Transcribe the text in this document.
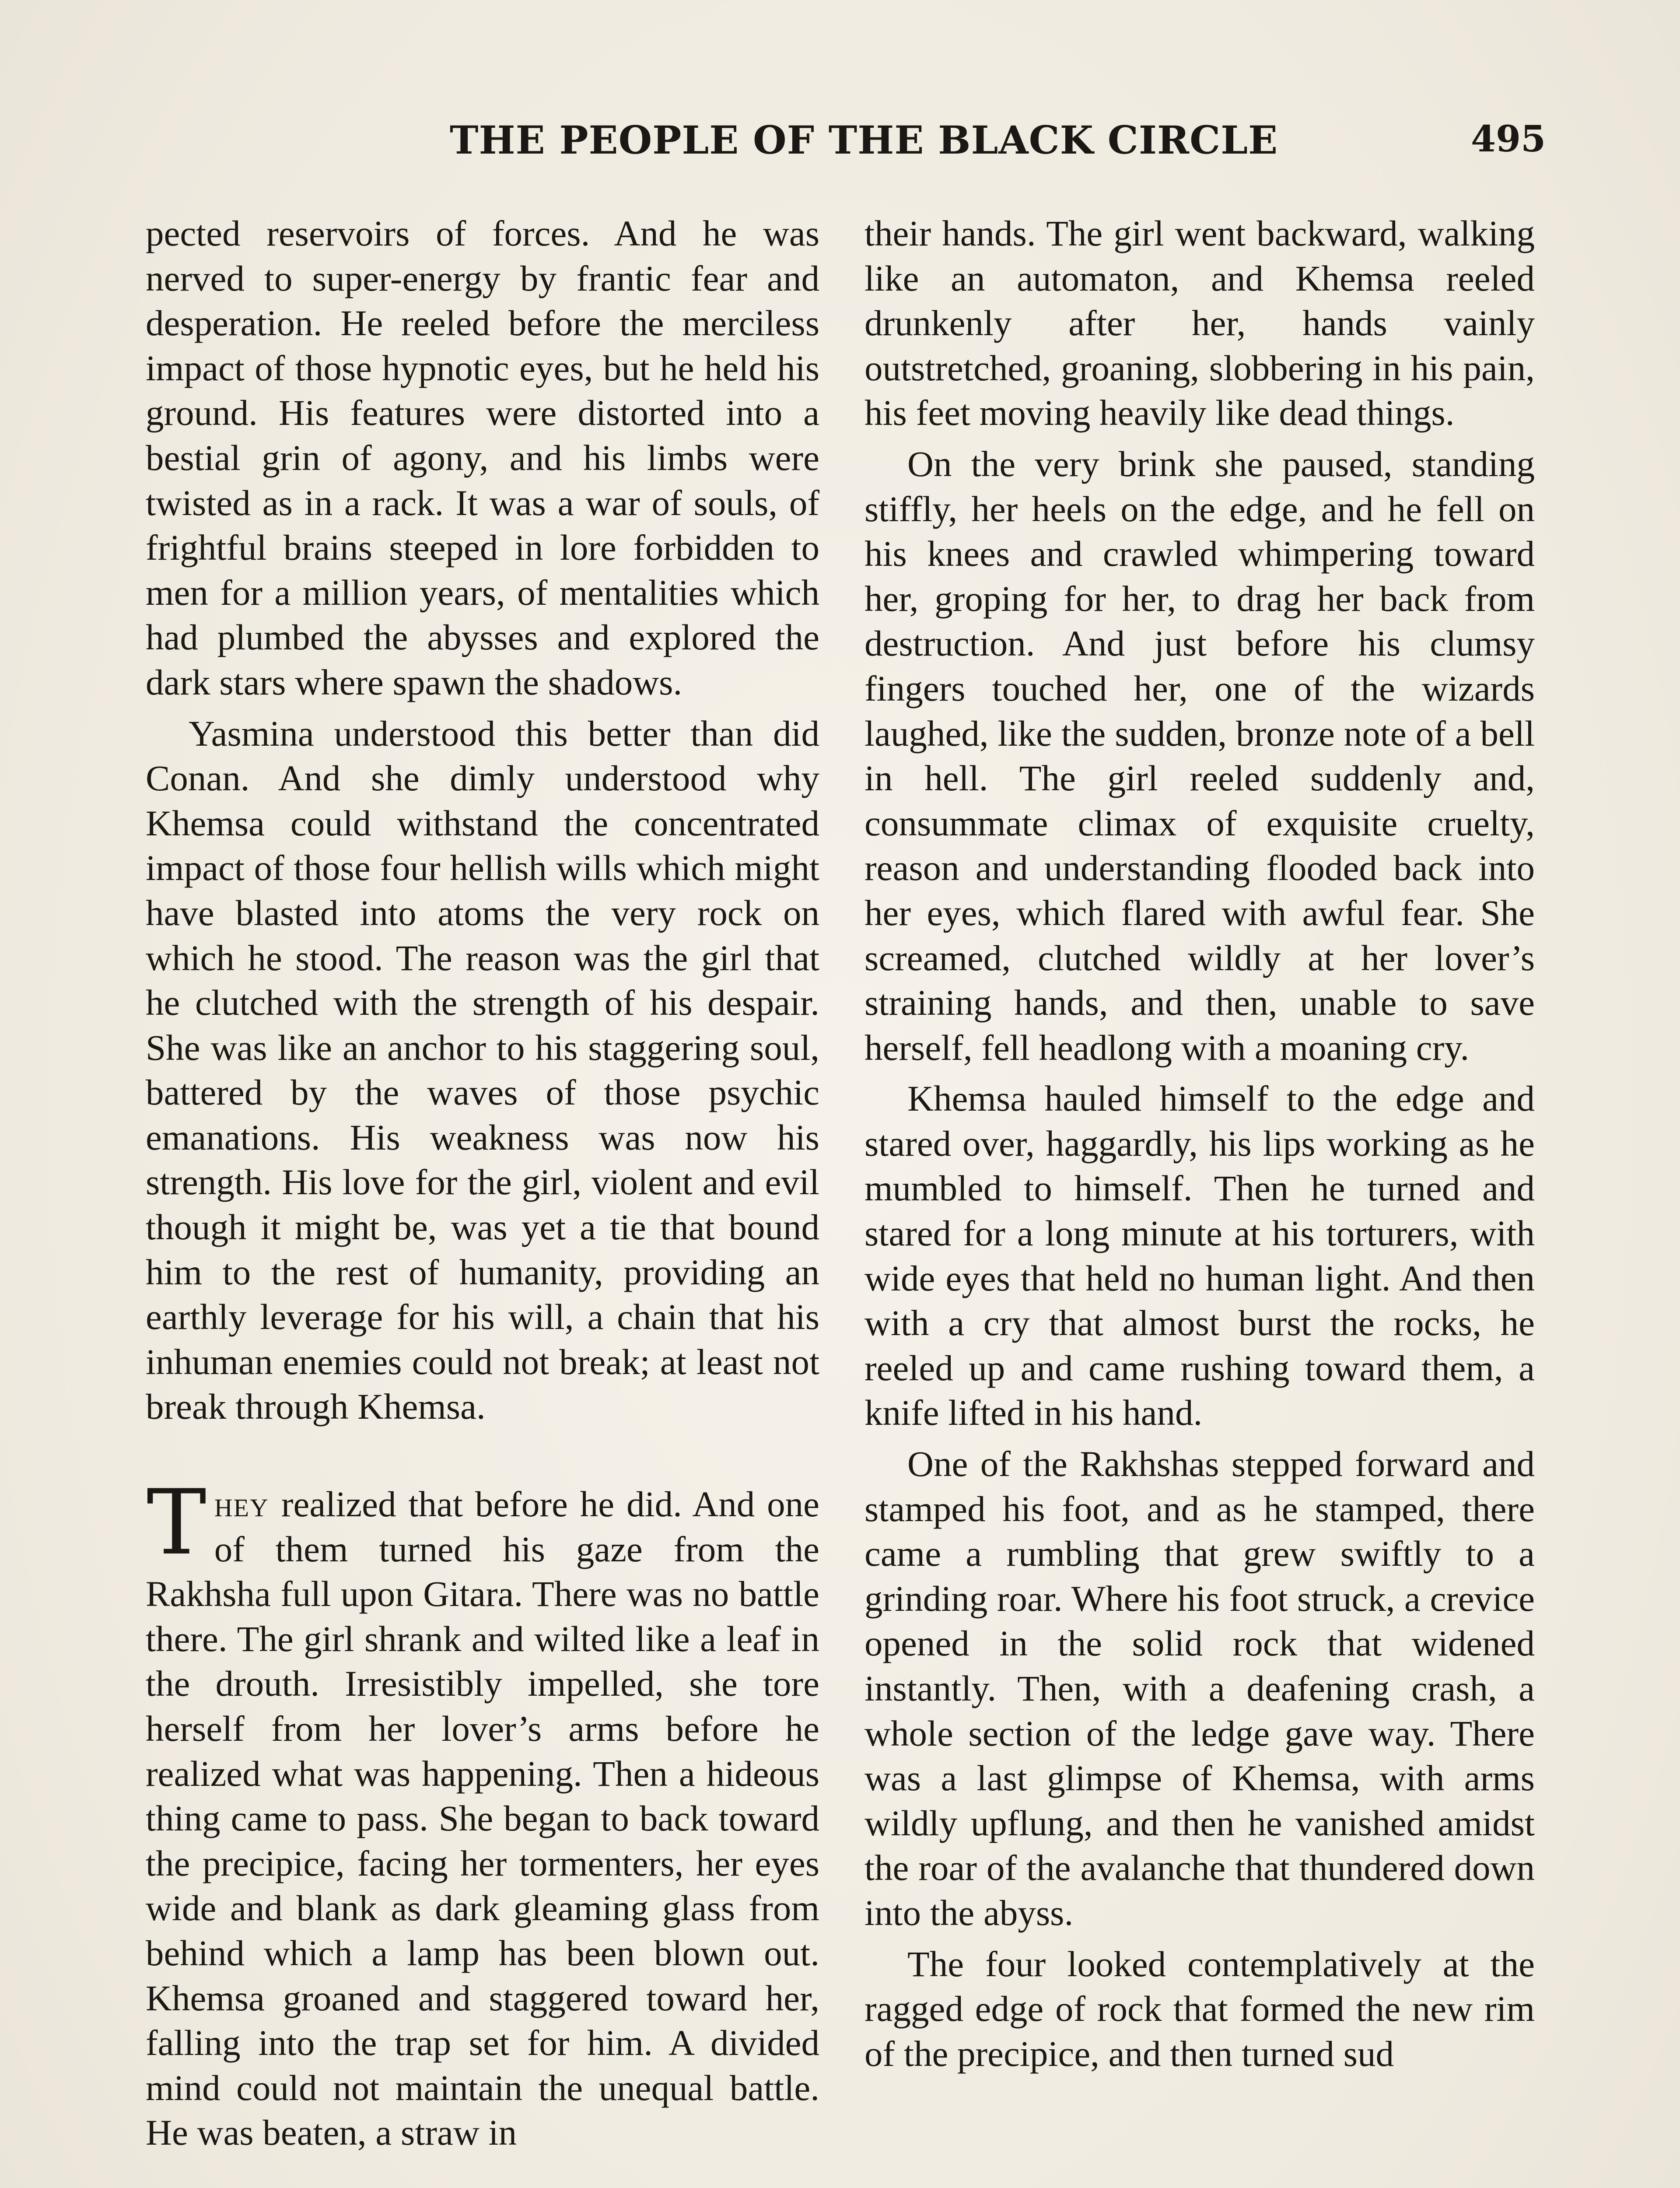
THE PEOPLE OF THE BLACK CIRCLE	495

pected reservoirs of forces. And he was nerved to super-energy by frantic fear and desperation. He reeled before the merciless impact of those hypnotic eyes, but he held his ground. His features were distorted into a bestial grin of agony, and his limbs were twisted as in a rack. It was a war of souls, of frightful brains steeped in lore forbidden to men for a million years, of mentalities which had plumbed the abysses and explored the dark stars where spawn the shadows.

Yasmina understood this better than did Conan. And she dimly understood why Khemsa could withstand the concentrated impact of those four hellish wills which might have blasted into atoms the very rock on which he stood. The reason was the girl that he clutched with the strength of his despair. She was like an anchor to his staggering soul, battered by the waves of those psychic emanations. His weakness was now his strength. His love for the girl, violent and evil though it might be, was yet a tie that bound him to the rest of humanity, providing an earthly leverage for his will, a chain that his inhuman enemies could not break; at least not break through Khemsa.

They realized that before he did. And one of them turned his gaze from the Rakhsha full upon Gitara. There was no battle there. The girl shrank and wilted like a leaf in the drouth. Irresistibly impelled, she tore herself from her lover’s arms before he realized what was happening. Then a hideous thing came to pass. She began to back toward the precipice, facing her tormenters, her eyes wide and blank as dark gleaming glass from behind which a lamp has been blown out. Khemsa groaned and staggered toward her, falling into the trap set for him. A divided mind could not maintain the unequal battle. He was beaten, a straw in

their hands. The girl went backward, walking like an automaton, and Khemsa reeled drunkenly after her, hands vainly outstretched, groaning, slobbering in his pain, his feet moving heavily like dead things.

On the very brink she paused, standing stiffly, her heels on the edge, and he fell on his knees and crawled whimpering toward her, groping for her, to drag her back from destruction. And just before his clumsy fingers touched her, one of the wizards laughed, like the sudden, bronze note of a bell in hell. The girl reeled suddenly and, consummate climax of exquisite cruelty, reason and understanding flooded back into her eyes, which flared with awful fear. She screamed, clutched wildly at her lover’s straining hands, and then, unable to save herself, fell headlong with a moaning cry.

Khemsa hauled himself to the edge and stared over, haggardly, his lips working as he mumbled to himself. Then he turned and stared for a long minute at his torturers, with wide eyes that held no human light. And then with a cry that almost burst the rocks, he reeled up and came rushing toward them, a knife lifted in his hand.

One of the Rakhshas stepped forward and stamped his foot, and as he stamped, there came a rumbling that grew swiftly to a grinding roar. Where his foot struck, a crevice opened in the solid rock that widened instantly. Then, with a deafening crash, a whole section of the ledge gave way. There was a last glimpse of Khemsa, with arms wildly upflung, and then he vanished amidst the roar of the avalanche that thundered down into the abyss.

The four looked contemplatively at the ragged edge of rock that formed the new rim of the precipice, and then turned sud
